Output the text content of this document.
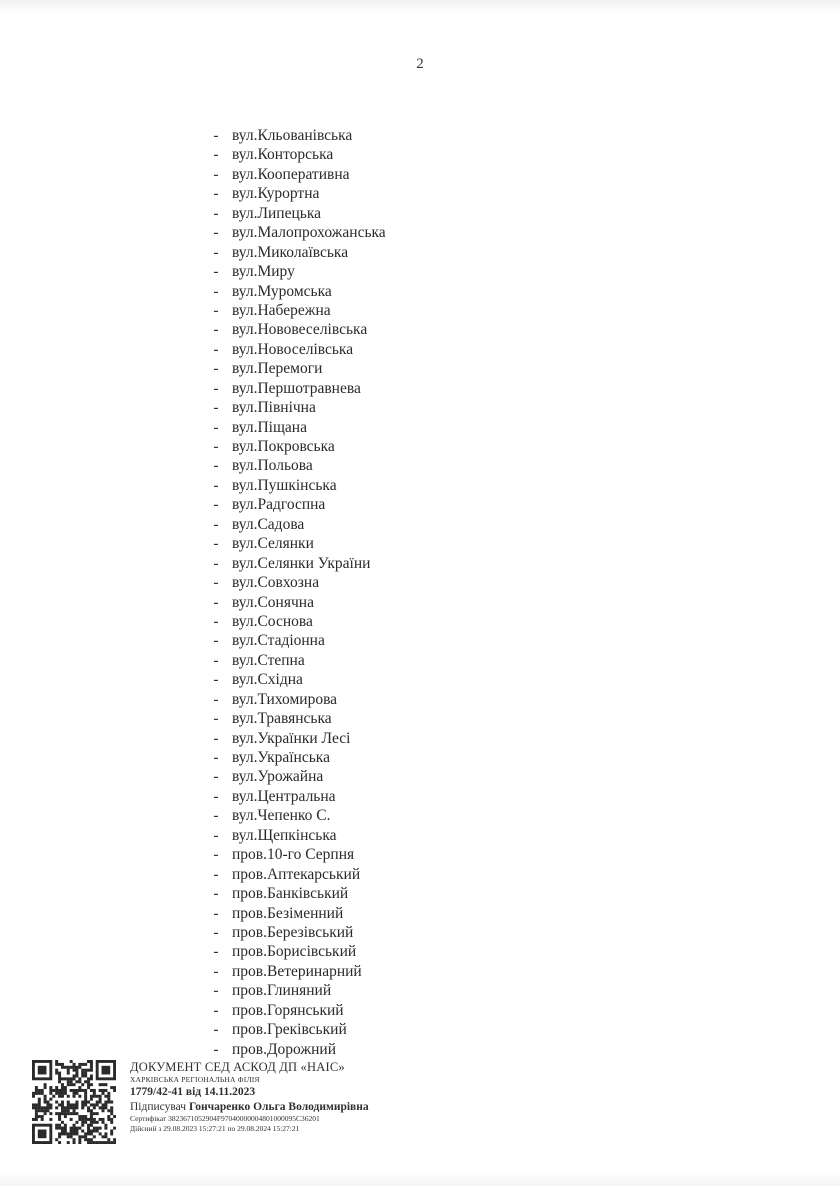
2
- вул.Кльованівська
- вул.Конторська
- вул.Кооперативна
- вул.Курортна
- вул.Липецька
- вул.Малопрохожанська
- вул.Миколаївська
- вул.Миру
- вул.Муромська
- вул.Набережна
- вул.Нововеселівська
- вул.Новоселівська
- вул.Перемоги
- вул.Першотравнева
- вул.Північна
- вул.Піщана
- вул.Покровська
- вул.Польова
- вул.Пушкінська
- вул.Радгоспна
- вул.Садова
- вул.Селянки
- вул.Селянки України
- вул.Совхозна
- вул.Сонячна
- вул.Соснова
- вул.Стадіонна
- вул.Степна
- вул.Східна
- вул.Тихомирова
- вул.Травянська
- вул.Українки Лесі
- вул.Українська
- вул.Урожайна
- вул.Центральна
- вул.Чепенко С.
- вул.Щепкінська
- пров.10-го Серпня
- пров.Аптекарський
- пров.Банківський
- пров.Безіменний
- пров.Березівський
- пров.Борисівський
- пров.Ветеринарний
- пров.Глиняний
- пров.Горянський
- пров.Греківський
- пров.Дорожний
ДОКУМЕНТ СЕД АСКОД ДП «НАІС»
ХАРКІВСЬКА РЕГІОНАЛЬНА ФІЛІЯ
1779/42-41 від 14.11.2023
Підписувач Гончаренко Ольга Володимирівна
Сертифікат 3823671052904F97040000004801000095C36201
Дійсний з 29.08.2023 15:27:21 по 29.08.2024 15:27:21
